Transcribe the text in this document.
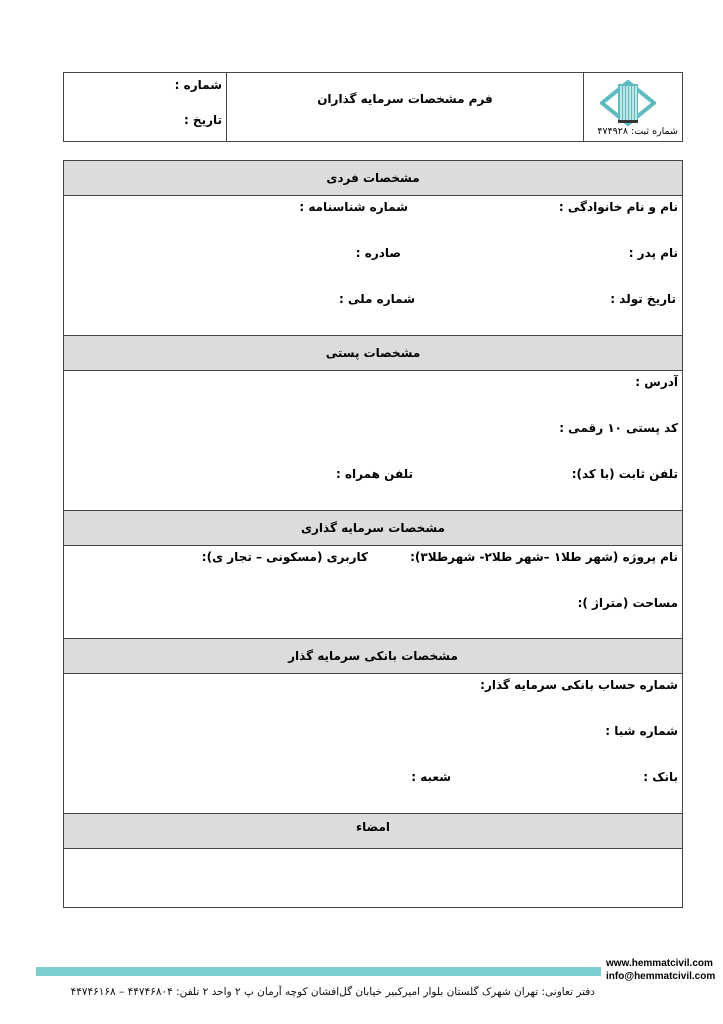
شماره :
تاریخ :
فرم مشخصات سرمایه گذاران
شماره ثبت: ۴۷۴۹۲۸
مشخصات فردی
نام و نام خانوادگی :
شماره شناسنامه :
نام پدر :
صادره :
تاریخ تولد :
شماره ملی :
مشخصات پستی
آدرس :
کد پستی ۱۰ رقمی :
تلفن ثابت (با کد):
تلفن همراه :
مشخصات سرمایه گذاری
نام پروژه (شهر طلا۱ –شهر طلا۲- شهرطلا۳):
کاربری (مسکونی – تجار ی):
مساحت (متراژ ):
مشخصات بانکی سرمایه گذار
شماره حساب بانکی سرمایه گذار:
شماره شبا :
بانک :
شعبه :
امضاء
www.hemmatcivil.com
info@hemmatcivil.com
دفتر تعاونی: تهران شهرک گلستان بلوار امیرکبیر خیابان گل‌افشان کوچه آرمان پ ۲ واحد ۲ تلفن: ۴۴۷۴۶۸۰۴ – ۴۴۷۴۶۱۶۸
